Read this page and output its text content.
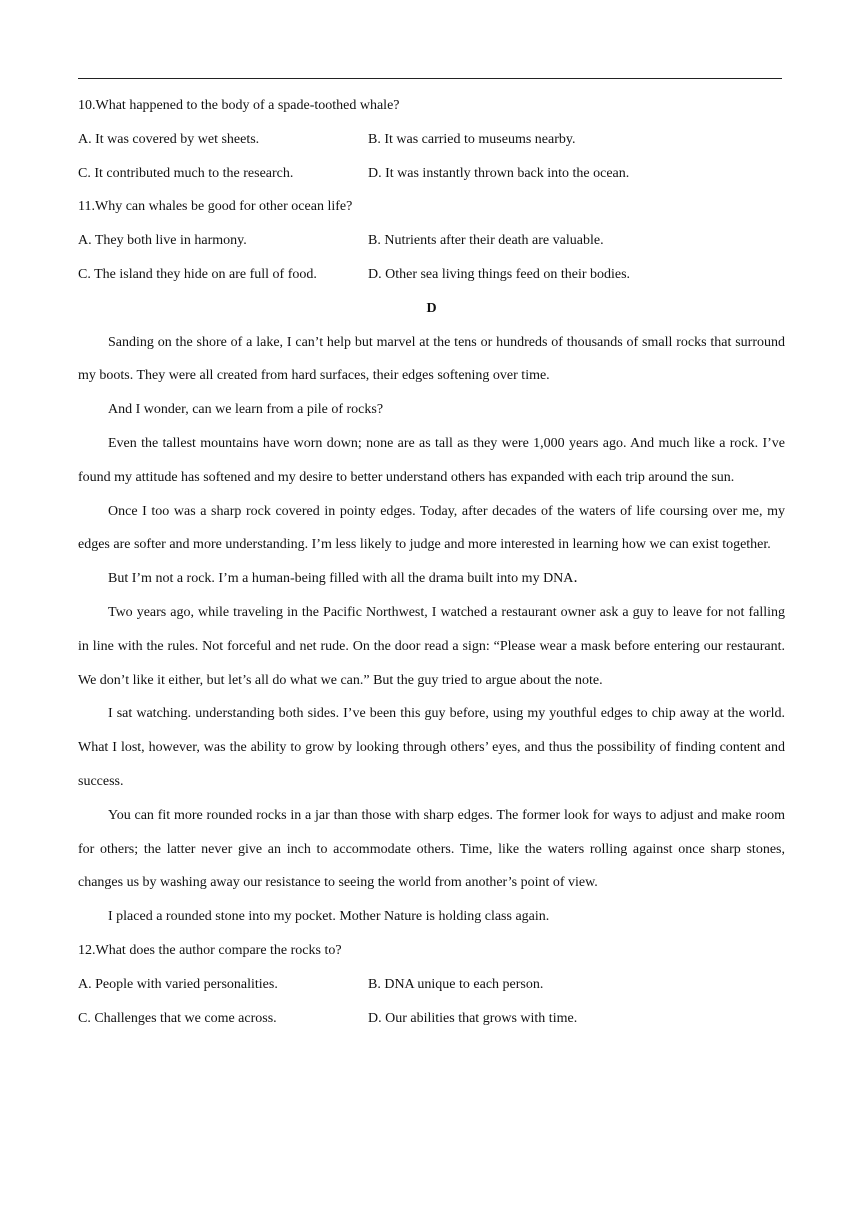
10.What happened to the body of a spade-toothed whale?
A. It was covered by wet sheets.	B. It was carried to museums nearby.
C. It contributed much to the research.	D. It was instantly thrown back into the ocean.
11.Why can whales be good for other ocean life?
A. They both live in harmony.	B. Nutrients after their death are valuable.
C. The island they hide on are full of food.	D. Other sea living things feed on their bodies.
D

Sanding on the shore of a lake, I can’t help but marvel at the tens or hundreds of thousands of small rocks that surround my boots. They were all created from hard surfaces, their edges softening over time.

And I wonder, can we learn from a pile of rocks?

Even the tallest mountains have worn down; none are as tall as they were 1,000 years ago. And much like a rock. I’ve found my attitude has softened and my desire to better understand others has expanded with each trip around the sun.

Once I too was a sharp rock covered in pointy edges. Today, after decades of the waters of life coursing over me, my edges are softer and more understanding. I’m less likely to judge and more interested in learning how we can exist together.

But I’m not a rock. I’m a human-being filled with all the drama built into my DNA．

Two years ago, while traveling in the Pacific Northwest, I watched a restaurant owner ask a guy to leave for not falling in line with the rules. Not forceful and net rude. On the door read a sign: “Please wear a mask before entering our restaurant. We don’t like it either, but let’s all do what we can.” But the guy tried to argue about the note.

I sat watching. understanding both sides. I’ve been this guy before, using my youthful edges to chip away at the world. What I lost, however, was the ability to grow by looking through others’ eyes, and thus the possibility of finding content and success.

You can fit more rounded rocks in a jar than those with sharp edges. The former look for ways to adjust and make room for others; the latter never give an inch to accommodate others. Time, like the waters rolling against once sharp stones, changes us by washing away our resistance to seeing the world from another’s point of view.

I placed a rounded stone into my pocket. Mother Nature is holding class again.

12.What does the author compare the rocks to?
A. People with varied personalities.	B. DNA unique to each person.
C. Challenges that we come across.	D. Our abilities that grows with time.
